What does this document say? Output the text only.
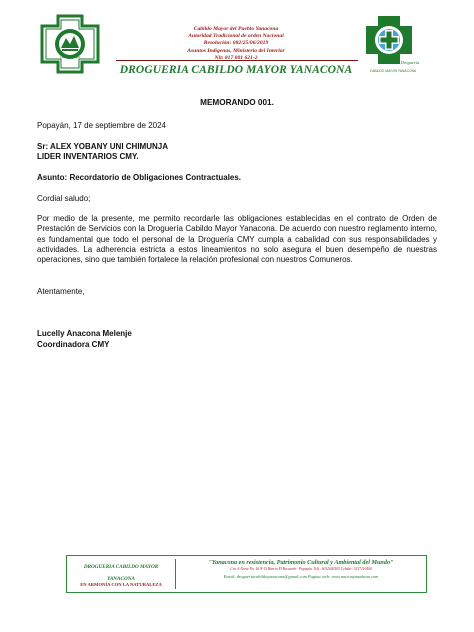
Cabildo Mayor
Cabildo Mayor del Pueblo Yanacona
Autoridad Tradicional de orden Nacional
Resolución: 082/25/06/2019
Asuntos Indígenas, Ministerio del Interior
Nit: 817 001 621-2
DROGUERIA CABILDO MAYOR YANACONA
Drogueria
CABILDO MAYOR YANACONA
MEMORANDO 001.
Popayán, 17 de septiembre de 2024
Sr: ALEX YOBANY UNI CHIMUNJA
LIDER INVENTARIOS CMY.
Asunto: Recordatorio de Obligaciones Contractuales.
Cordial saludo;
Por medio de la presente, me permito recordarle las obligaciones establecidas en el contrato de Orden de Prestación de Servicios con la Droguería Cabildo Mayor Yanacona. De acuerdo con nuestro reglamento interno, es fundamental que todo el personal de la Droguería CMY cumpla a cabalidad con sus responsabilidades y actividades. La adherencia estricta a estos lineamientos no solo asegura el buen desempeño de nuestras operaciones, sino que también fortalece la relación profesional con nuestros Comuneros.
Atentamente,
Lucelly Anacona Melenje
Coordinadora CMY
DROGUERIA CABILDO MAYOR
YANACONA
EN ARMONÍA CON LA NATURALEZA
"Yanacona en resistencia, Patrimonio Cultural y Ambiental del Mundo"
Cra. 6 Norte No. 16 N-15 Barrio El Recuerdo · Popayán. Telf.: 6012026505 Celular: 3217210400
Email: drogueriacabildoyanacona@gmail.com Pagina web: www.nacionyanakuna.com
